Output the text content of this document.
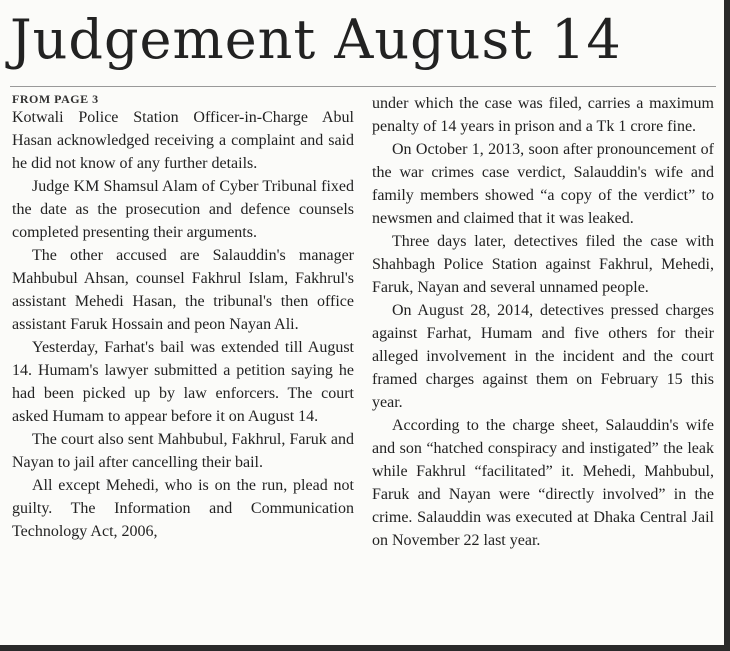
Judgement August 14
FROM PAGE 3

Kotwali Police Station Officer-in-Charge Abul Hasan acknowledged receiving a complaint and said he did not know of any further details.

Judge KM Shamsul Alam of Cyber Tribunal fixed the date as the prosecution and defence counsels completed presenting their arguments.

The other accused are Salauddin's manager Mahbubul Ahsan, counsel Fakhrul Islam, Fakhrul's assistant Mehedi Hasan, the tribunal's then office assistant Faruk Hossain and peon Nayan Ali.

Yesterday, Farhat's bail was extended till August 14. Humam's lawyer submitted a petition saying he had been picked up by law enforcers. The court asked Humam to appear before it on August 14.

The court also sent Mahbubul, Fakhrul, Faruk and Nayan to jail after cancelling their bail.

All except Mehedi, who is on the run, plead not guilty. The Information and Communication Technology Act, 2006,

under which the case was filed, carries a maximum penalty of 14 years in prison and a Tk 1 crore fine.

On October 1, 2013, soon after pronouncement of the war crimes case verdict, Salauddin's wife and family members showed “a copy of the verdict” to newsmen and claimed that it was leaked.

Three days later, detectives filed the case with Shahbagh Police Station against Fakhrul, Mehedi, Faruk, Nayan and several unnamed people.

On August 28, 2014, detectives pressed charges against Farhat, Humam and five others for their alleged involvement in the incident and the court framed charges against them on February 15 this year.

According to the charge sheet, Salauddin's wife and son “hatched conspiracy and instigated” the leak while Fakhrul “facilitated” it. Mehedi, Mahbubul, Faruk and Nayan were “directly involved” in the crime. Salauddin was executed at Dhaka Central Jail on November 22 last year.
